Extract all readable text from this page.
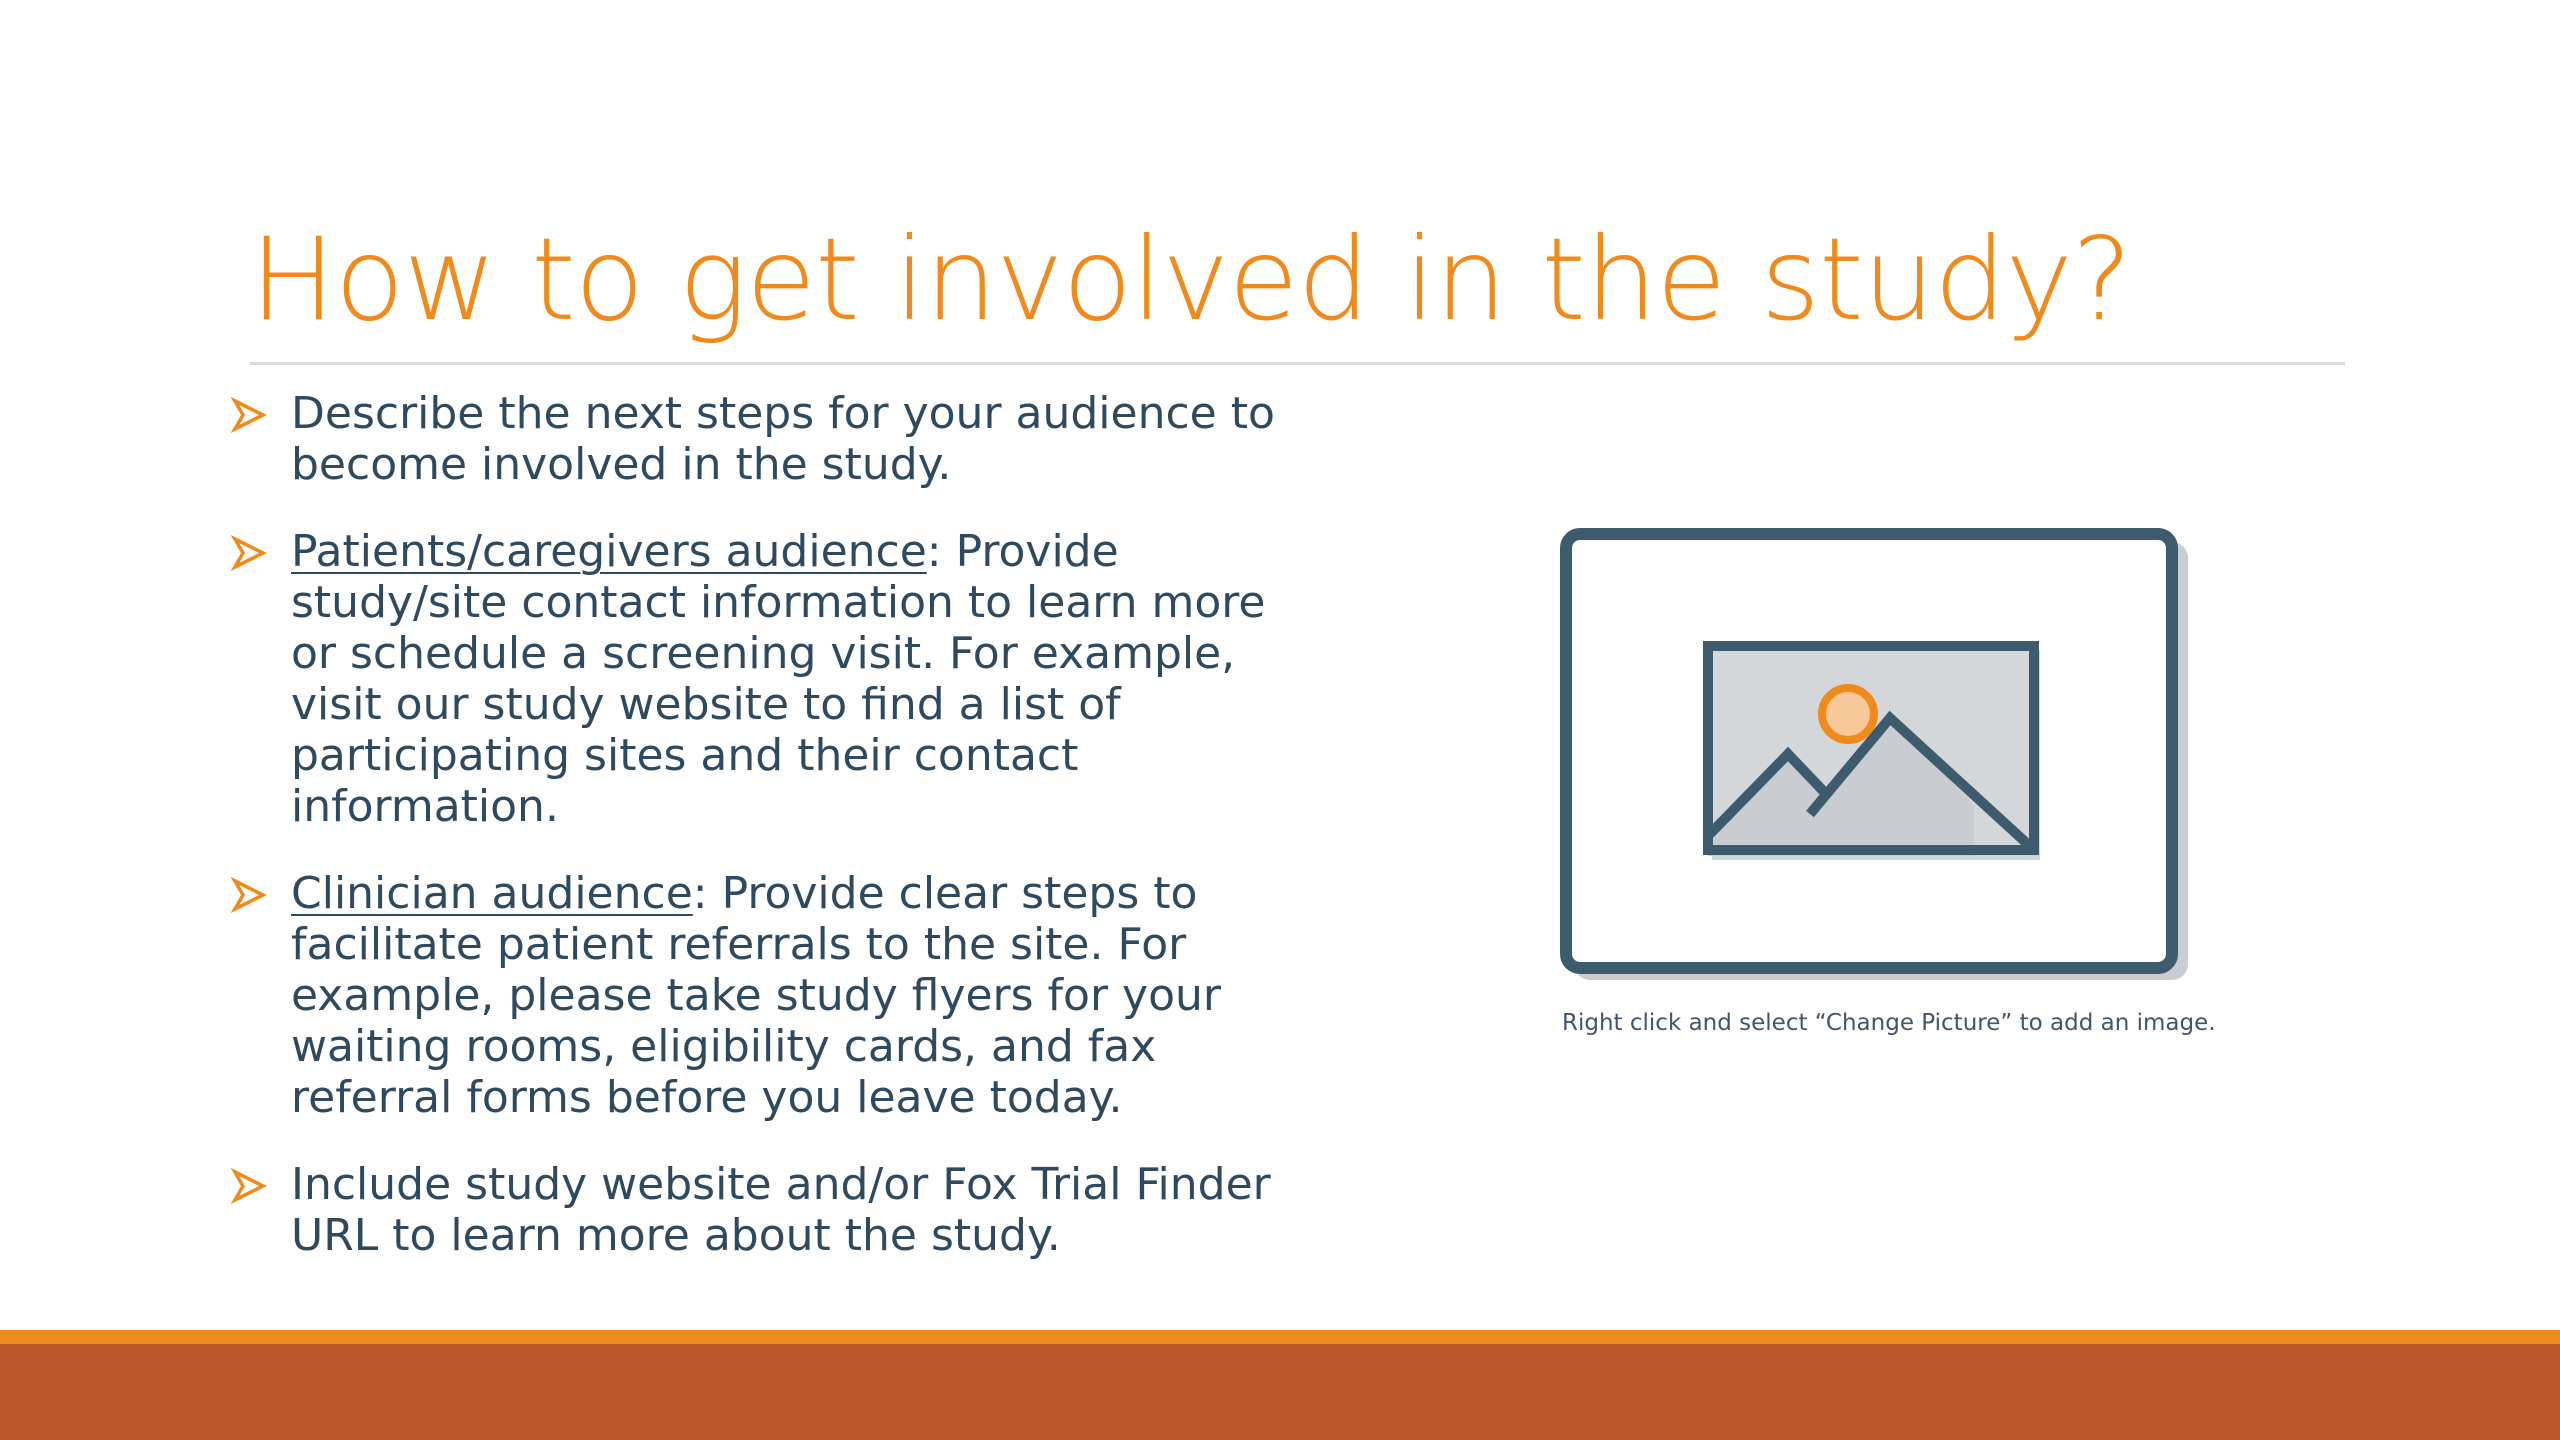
How to get involved in the study?
Describe the next steps for your audience to become involved in the study.
Patients/caregivers audience: Provide study/site contact information to learn more or schedule a screening visit. For example, visit our study website to find a list of participating sites and their contact information.
Clinician audience: Provide clear steps to facilitate patient referrals to the site. For example, please take study flyers for your waiting rooms, eligibility cards, and fax referral forms before you leave today.
Include study website and/or Fox Trial Finder URL to learn more about the study.
Right click and select “Change Picture” to add an image.
